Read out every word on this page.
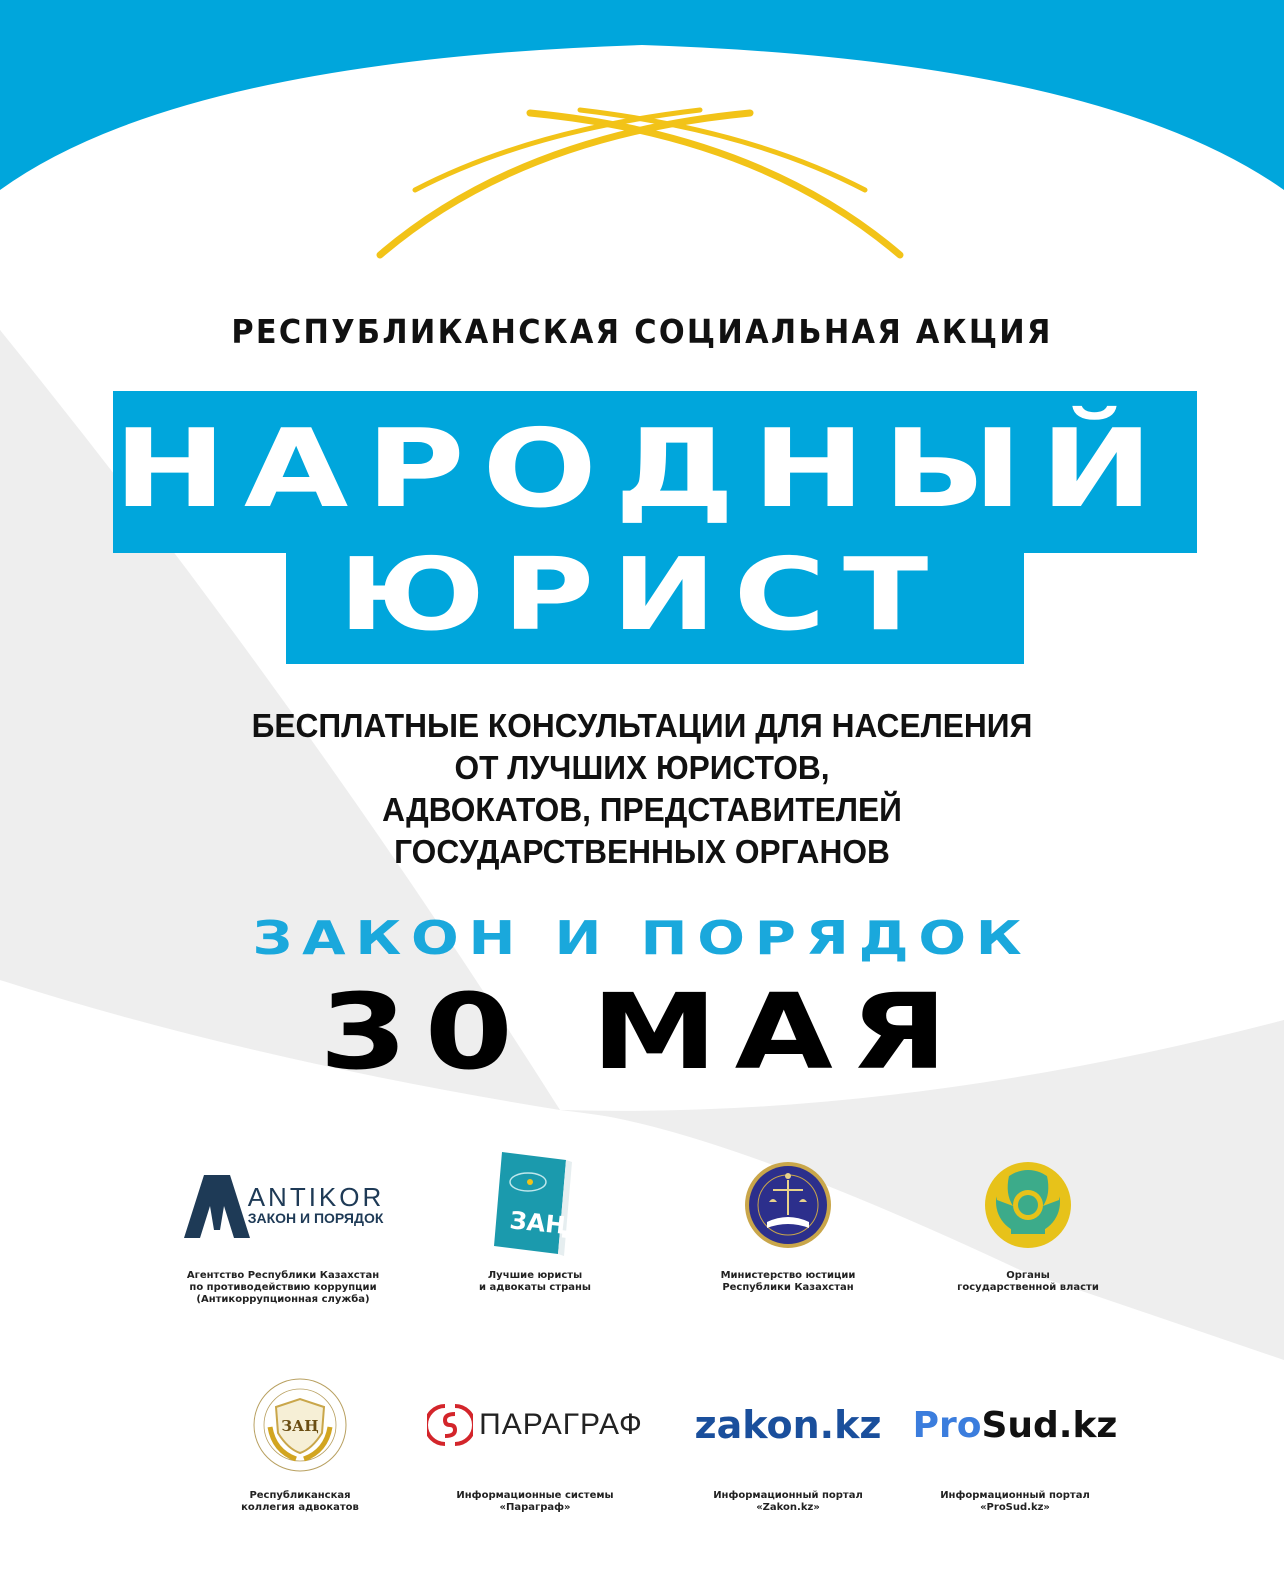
РЕСПУБЛИКАНСКАЯ СОЦИАЛЬНАЯ АКЦИЯ
НАРОДНЫЙ
ЮРИСТ
БЕСПЛАТНЫЕ КОНСУЛЬТАЦИИ ДЛЯ НАСЕЛЕНИЯ
ОТ ЛУЧШИХ ЮРИСТОВ,
АДВОКАТОВ, ПРЕДСТАВИТЕЛЕЙ
ГОСУДАРСТВЕННЫХ ОРГАНОВ
ЗАКОН И ПОРЯДОК
30 МАЯ
ANTIKOR
ЗАКОН И ПОРЯДОК
Агентство Республики Казахстан
по противодействию коррупции
(Антикоррупционная служба)
ЗАҢ
Лучшие юристы
и адвокаты страны
Министерство юстиции
Республики Казахстан
Органы
государственной власти
ЗАҢ
Республиканская
коллегия адвокатов
ПАРАГРАФ
Информационные системы
«Параграф»
zakon.kz
Информационный портал
«Zakon.kz»
ProSud.kz
Информационный портал
«ProSud.kz»
